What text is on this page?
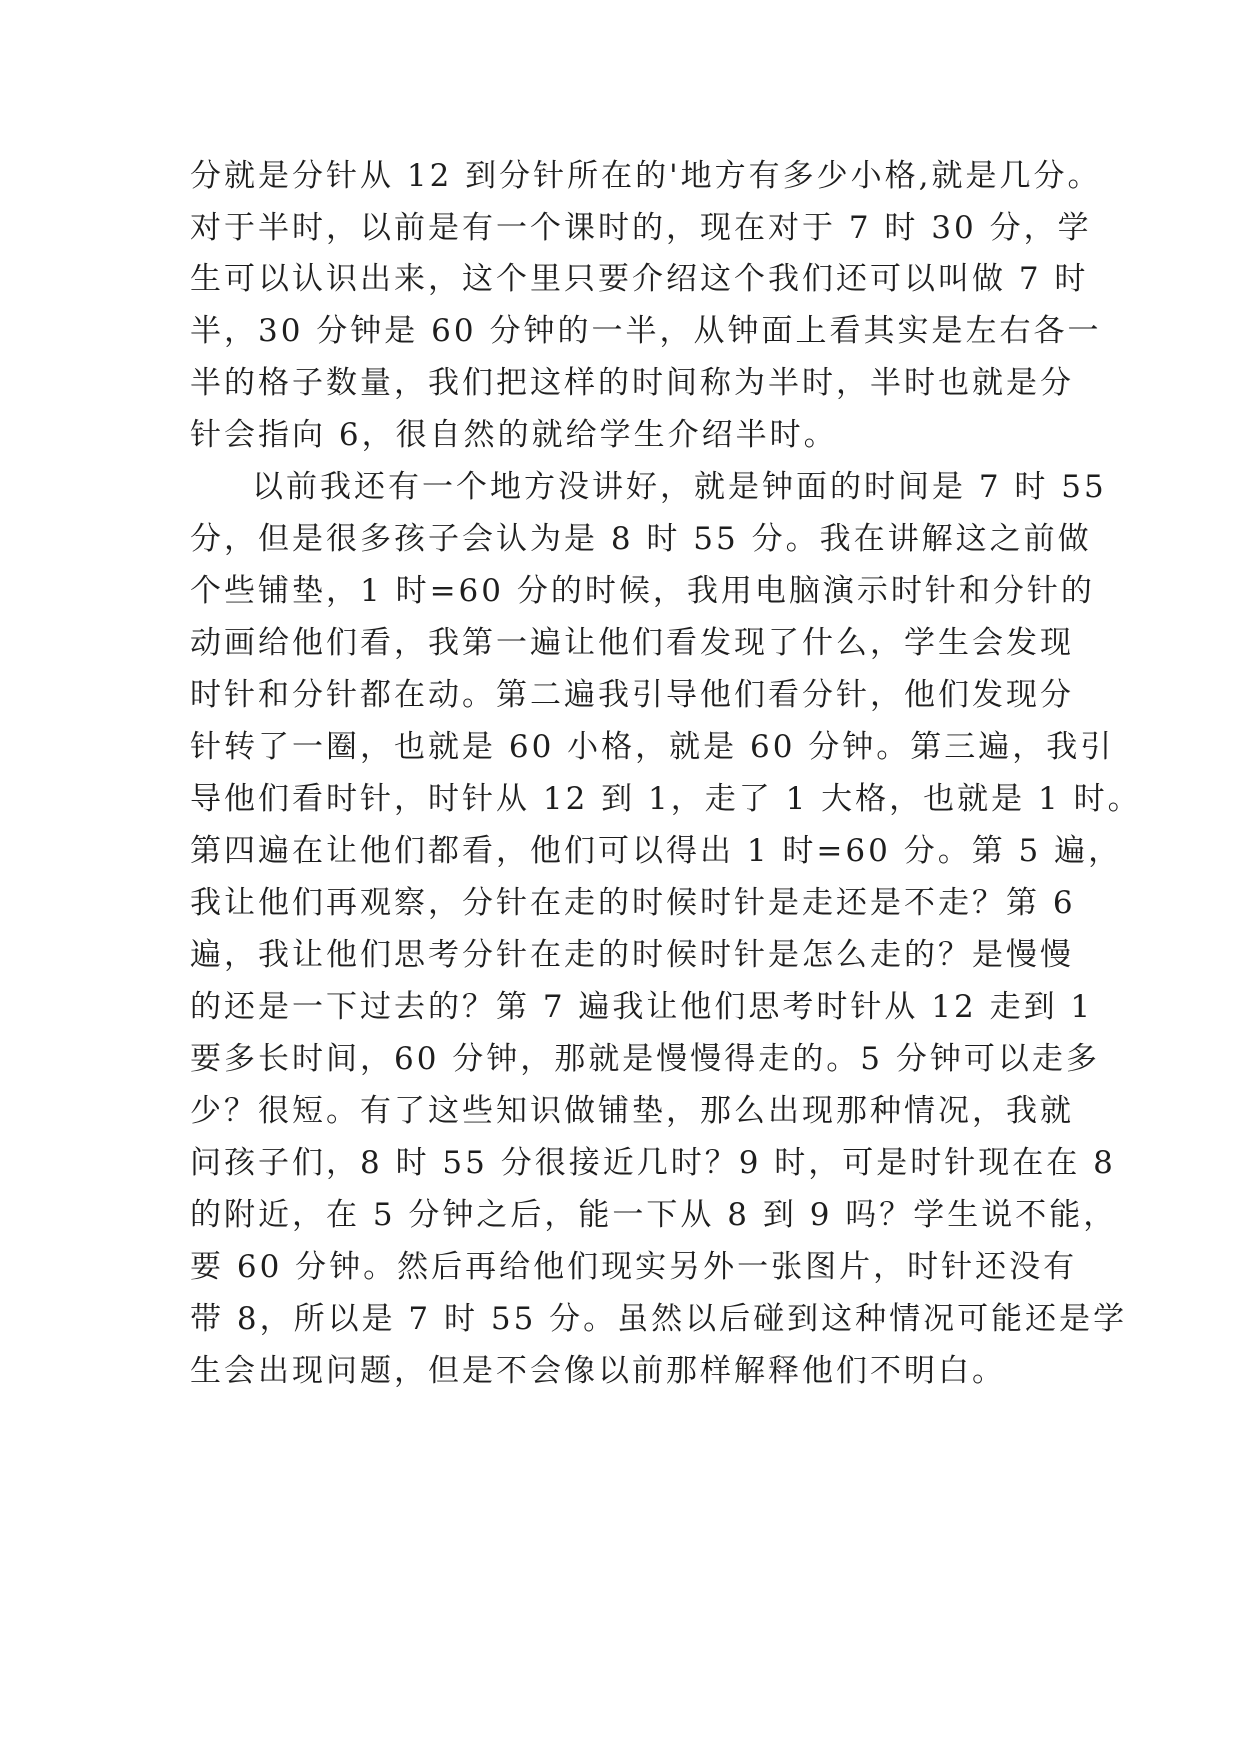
分就是分针从 12 到分针所在的'地方有多少小格,就是几分。
对于半时，以前是有一个课时的，现在对于 7 时 30 分，学
生可以认识出来，这个里只要介绍这个我们还可以叫做 7 时
半，30 分钟是 60 分钟的一半，从钟面上看其实是左右各一
半的格子数量，我们把这样的时间称为半时，半时也就是分
针会指向 6，很自然的就给学生介绍半时。
以前我还有一个地方没讲好，就是钟面的时间是 7 时 55
分，但是很多孩子会认为是 8 时 55 分。我在讲解这之前做
个些铺垫，1 时=60 分的时候，我用电脑演示时针和分针的
动画给他们看，我第一遍让他们看发现了什么，学生会发现
时针和分针都在动。第二遍我引导他们看分针，他们发现分
针转了一圈，也就是 60 小格，就是 60 分钟。第三遍，我引
导他们看时针，时针从 12 到 1，走了 1 大格，也就是 1 时。
第四遍在让他们都看，他们可以得出 1 时=60 分。第 5 遍，
我让他们再观察，分针在走的时候时针是走还是不走？第 6
遍，我让他们思考分针在走的时候时针是怎么走的？是慢慢
的还是一下过去的？第 7 遍我让他们思考时针从 12 走到 1
要多长时间，60 分钟，那就是慢慢得走的。5 分钟可以走多
少？很短。有了这些知识做铺垫，那么出现那种情况，我就
问孩子们，8 时 55 分很接近几时？9 时，可是时针现在在 8
的附近，在 5 分钟之后，能一下从 8 到 9 吗？学生说不能，
要 60 分钟。然后再给他们现实另外一张图片，时针还没有
带 8，所以是 7 时 55 分。虽然以后碰到这种情况可能还是学
生会出现问题，但是不会像以前那样解释他们不明白。
